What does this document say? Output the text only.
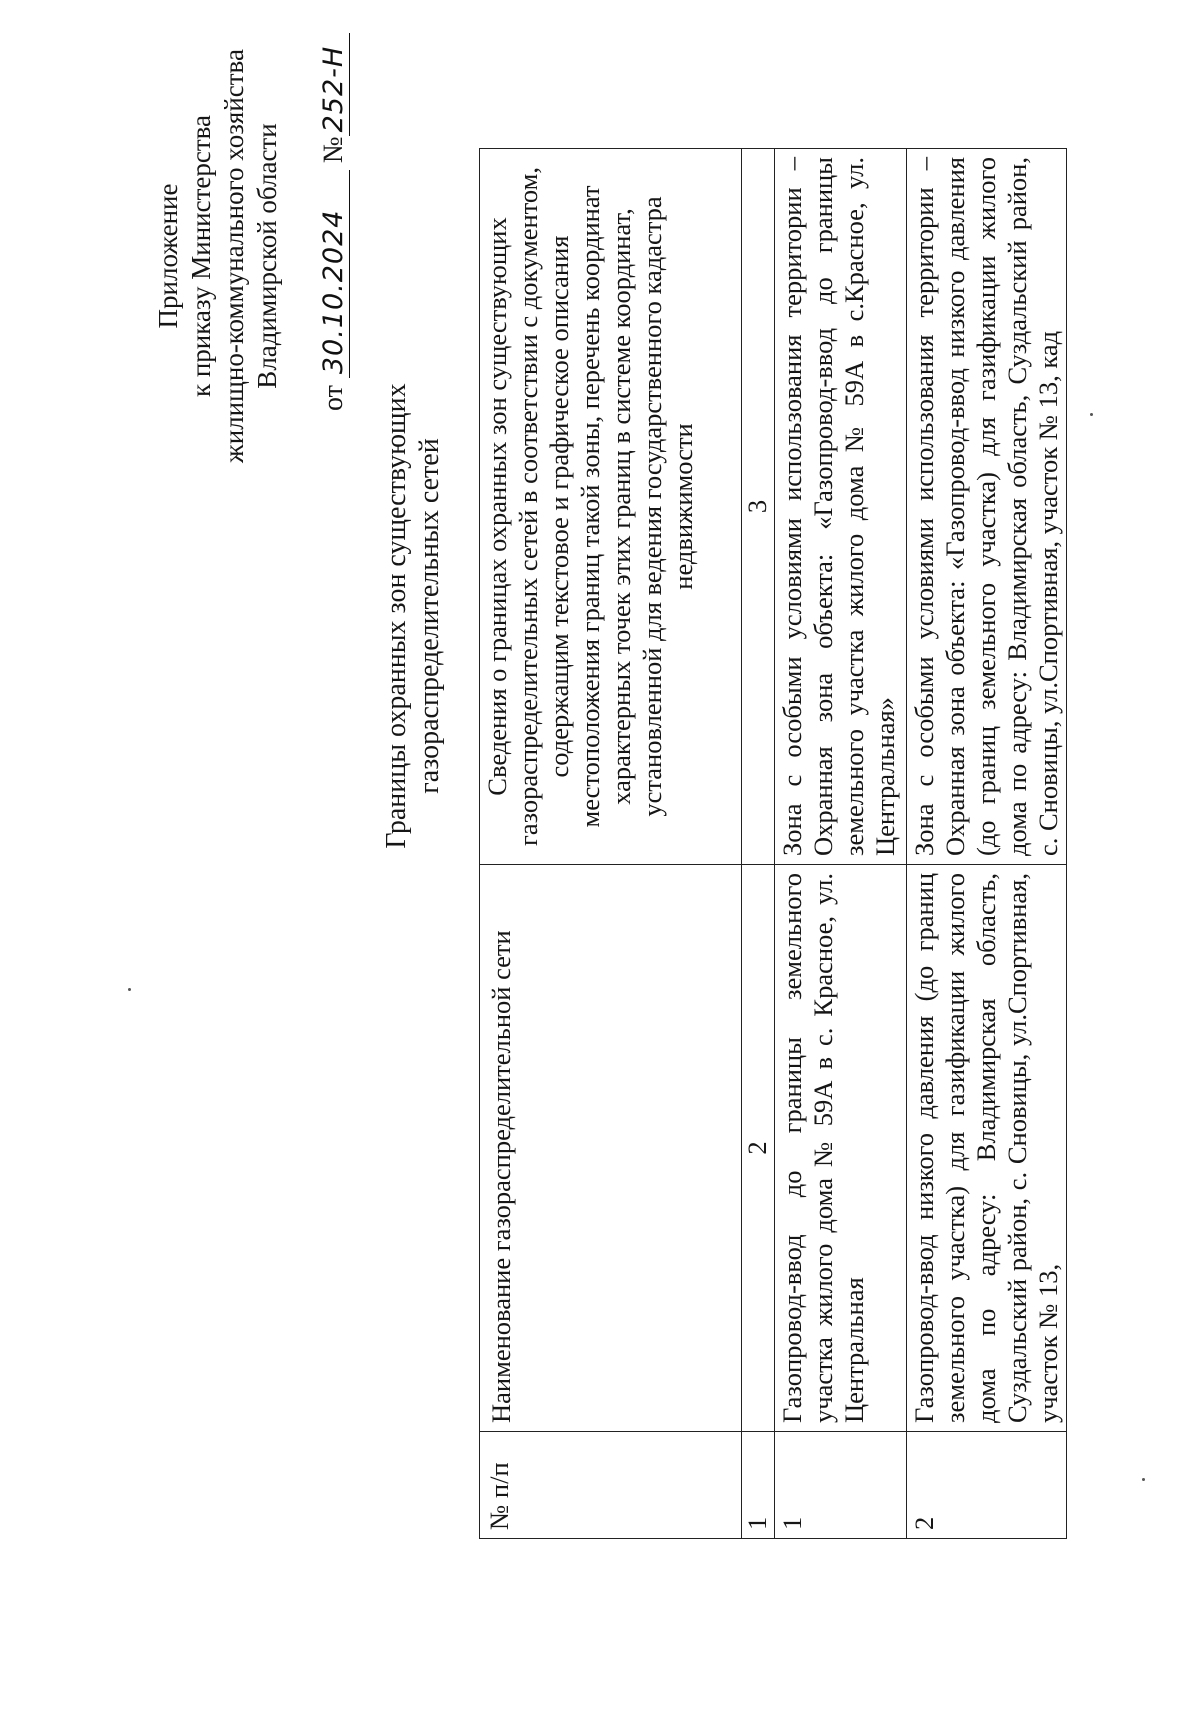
Приложение к приказу Министерства жилищно-коммунального хозяйства Владимирской области
от 30.10.2024 №252-Н
Границы охранных зон существующих газораспределительных сетей
№ п/п	Наименование газораспределительной сети	Сведения о границах охранных зон существующих газораспределительных сетей в соответствии с документом, содержащим текстовое и графическое описания местоположения границ такой зоны, перечень координат характерных точек этих границ в системе координат, установленной для ведения государственного кадастра недвижимости
1	2	3
1	Газопровод-ввод до границы земельного участка жилого дома № 59А в с. Красное, ул. Центральная	Зона с особыми условиями использования территории – Охранная зона объекта: «Газопровод-ввод до границы земельного участка жилого дома № 59А в с.Красное, ул. Центральная»
2	Газопровод-ввод низкого давления (до границ земельного участка) для газификации жилого дома по адресу: Владимирская область, Суздальский район, с. Сновицы, ул.Спортивная, участок № 13,	Зона с особыми условиями использования территории – Охранная зона объекта: «Газопровод-ввод низкого давления (до границ земельного участка) для газификации жилого дома по адресу: Владимирская область, Суздальский район, с. Сновицы, ул.Спортивная, участок № 13, кад
